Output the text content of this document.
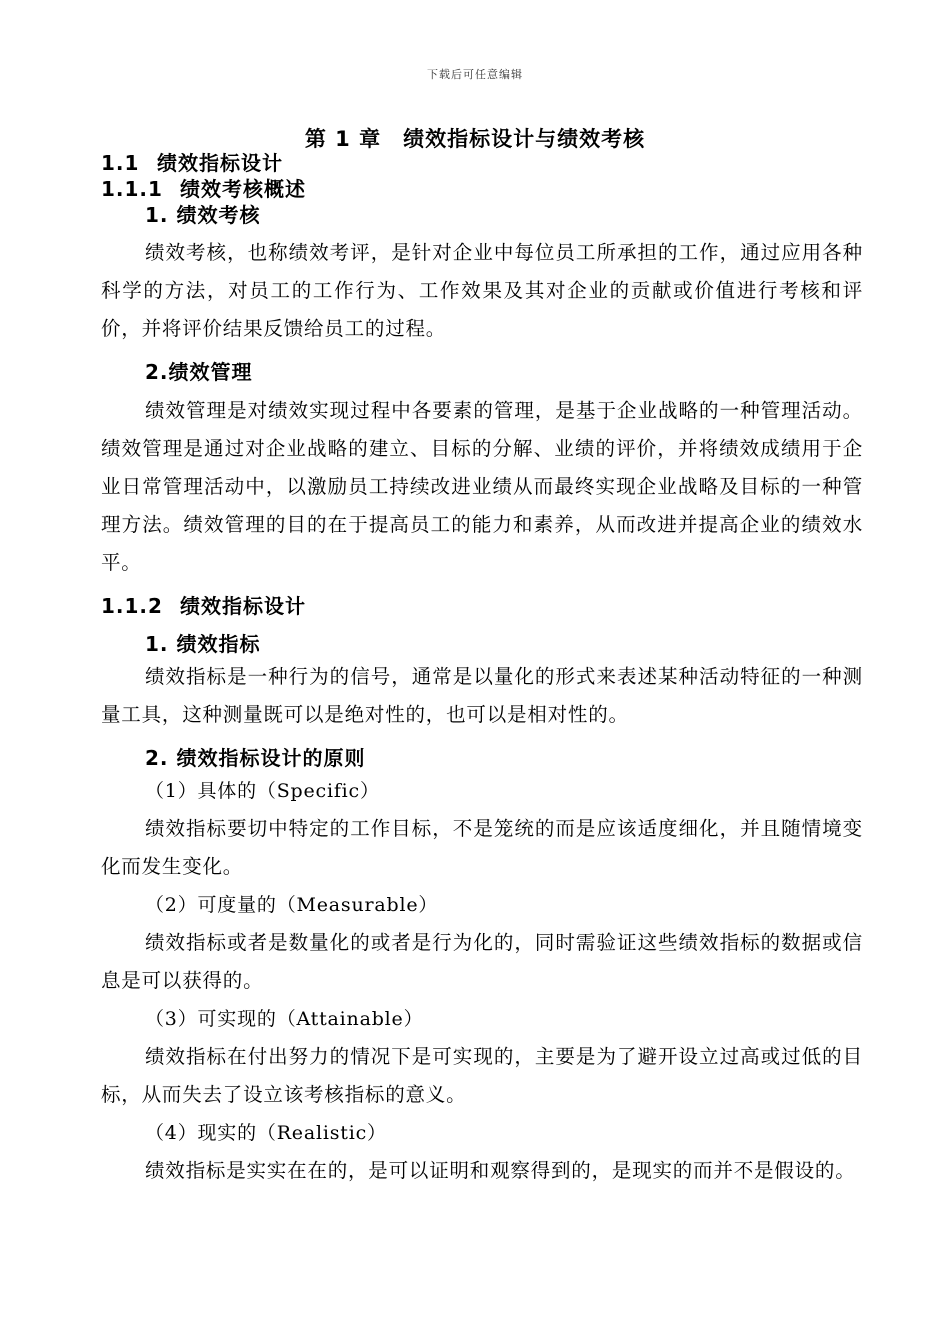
下载后可任意编辑
第 1 章　绩效指标设计与绩效考核
1.1 绩效指标设计
1.1.1 绩效考核概述
1. 绩效考核

绩效考核，也称绩效考评，是针对企业中每位员工所承担的工作，通过应用各种科学的方法，对员工的工作行为、工作效果及其对企业的贡献或价值进行考核和评价，并将评价结果反馈给员工的过程。

2.绩效管理

绩效管理是对绩效实现过程中各要素的管理，是基于企业战略的一种管理活动。绩效管理是通过对企业战略的建立、目标的分解、业绩的评价，并将绩效成绩用于企业日常管理活动中，以激励员工持续改进业绩从而最终实现企业战略及目标的一种管理方法。绩效管理的目的在于提高员工的能力和素养，从而改进并提高企业的绩效水平。

1.1.2 绩效指标设计
1. 绩效指标

绩效指标是一种行为的信号，通常是以量化的形式来表述某种活动特征的一种测量工具，这种测量既可以是绝对性的，也可以是相对性的。

2. 绩效指标设计的原则
（1）具体的（Specific）

绩效指标要切中特定的工作目标，不是笼统的而是应该适度细化，并且随情境变化而发生变化。

（2）可度量的（Measurable）

绩效指标或者是数量化的或者是行为化的，同时需验证这些绩效指标的数据或信息是可以获得的。

（3）可实现的（Attainable）

绩效指标在付出努力的情况下是可实现的，主要是为了避开设立过高或过低的目标，从而失去了设立该考核指标的意义。

（4）现实的（Realistic）

绩效指标是实实在在的，是可以证明和观察得到的，是现实的而并不是假设的。
